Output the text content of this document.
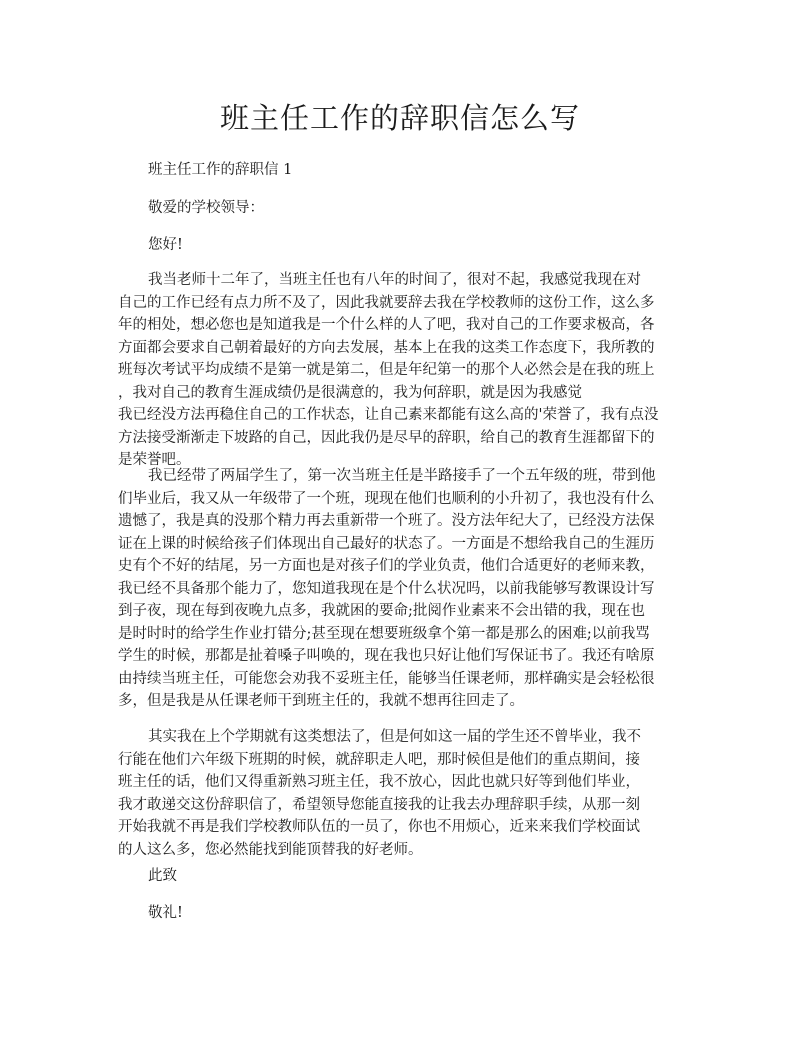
班主任工作的辞职信怎么写
班主任工作的辞职信 1
敬爱的学校领导：
您好!
我当老师十二年了，当班主任也有八年的时间了，很对不起，我感觉我现在对
自己的工作已经有点力所不及了，因此我就要辞去我在学校教师的这份工作，这么多
年的相处，想必您也是知道我是一个什么样的人了吧，我对自己的工作要求极高，各
方面都会要求自己朝着最好的方向去发展，基本上在我的这类工作态度下，我所教的
班每次考试平均成绩不是第一就是第二，但是年纪第一的那个人必然会是在我的班上
，我对自己的教育生涯成绩仍是很满意的，我为何辞职，就是因为我感觉
我已经没方法再稳住自己的工作状态，让自己素来都能有这么高的'荣誉了，我有点没
方法接受渐渐走下坡路的自己，因此我仍是尽早的辞职，给自己的教育生涯都留下的
是荣誉吧。
我已经带了两届学生了，第一次当班主任是半路接手了一个五年级的班，带到他
们毕业后，我又从一年级带了一个班，现现在他们也顺利的小升初了，我也没有什么
遗憾了，我是真的没那个精力再去重新带一个班了。没方法年纪大了，已经没方法保
证在上课的时候给孩子们体现出自己最好的状态了。一方面是不想给我自己的生涯历
史有个不好的结尾，另一方面也是对孩子们的学业负责，他们合适更好的老师来教，
我已经不具备那个能力了，您知道我现在是个什么状况吗，以前我能够写教课设计写
到子夜，现在每到夜晚九点多，我就困的要命;批阅作业素来不会出错的我，现在也
是时时时的给学生作业打错分;甚至现在想要班级拿个第一都是那么的困难;以前我骂
学生的时候，那都是扯着嗓子叫唤的，现在我也只好让他们写保证书了。我还有啥原
由持续当班主任，可能您会劝我不妥班主任，能够当任课老师，那样确实是会轻松很
多，但是我是从任课老师干到班主任的，我就不想再往回走了。
其实我在上个学期就有这类想法了，但是何如这一届的学生还不曾毕业，我不
行能在他们六年级下班期的时候，就辞职走人吧，那时候但是他们的重点期间，接
班主任的话，他们又得重新熟习班主任，我不放心，因此也就只好等到他们毕业，
我才敢递交这份辞职信了，希望领导您能直接我的让我去办理辞职手续，从那一刻
开始我就不再是我们学校教师队伍的一员了，你也不用烦心，近来来我们学校面试
的人这么多，您必然能找到能顶替我的好老师。
此致
敬礼!
